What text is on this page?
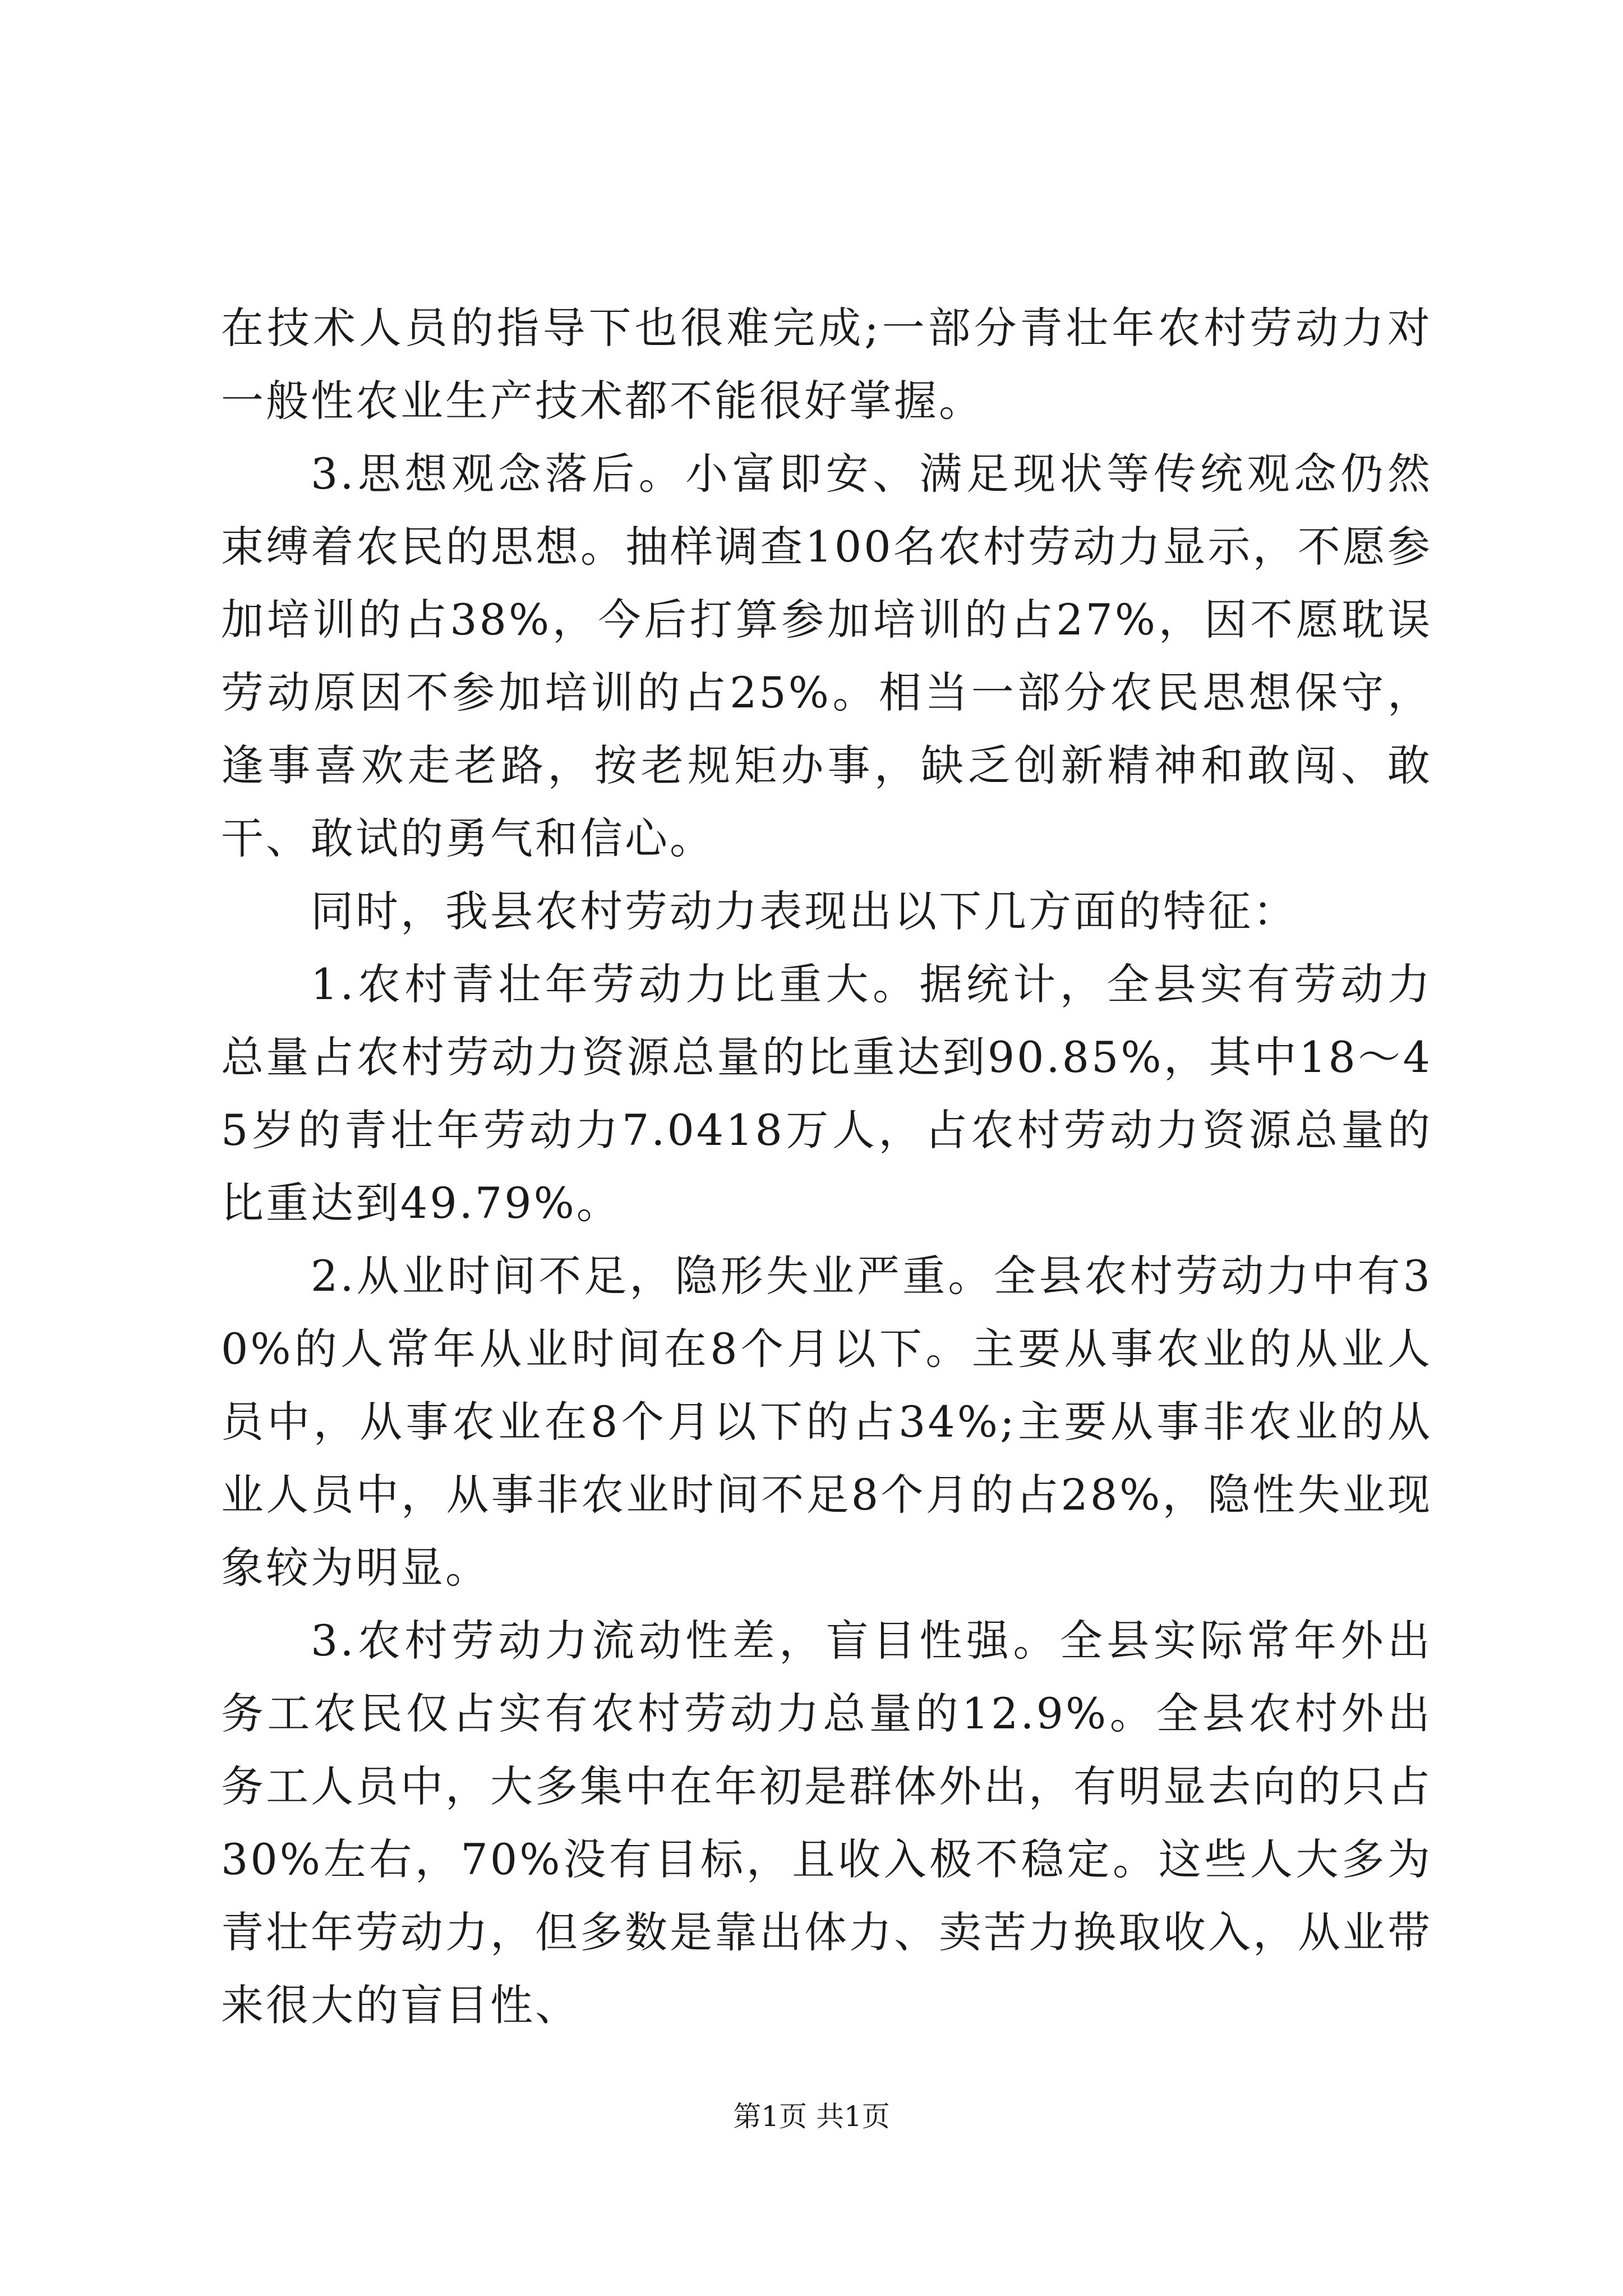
在技术人员的指导下也很难完成;一部分青壮年农村劳动力对一般性农业生产技术都不能很好掌握。

3.思想观念落后。小富即安、满足现状等传统观念仍然束缚着农民的思想。抽样调查100名农村劳动力显示，不愿参加培训的占38%，今后打算参加培训的占27%，因不愿耽误劳动原因不参加培训的占25%。相当一部分农民思想保守，逢事喜欢走老路，按老规矩办事，缺乏创新精神和敢闯、敢干、敢试的勇气和信心。

同时，我县农村劳动力表现出以下几方面的特征：

1.农村青壮年劳动力比重大。据统计，全县实有劳动力总量占农村劳动力资源总量的比重达到90.85%，其中18～45岁的青壮年劳动力7.0418万人，占农村劳动力资源总量的比重达到49.79%。

2.从业时间不足，隐形失业严重。全县农村劳动力中有30%的人常年从业时间在8个月以下。主要从事农业的从业人员中，从事农业在8个月以下的占34%;主要从事非农业的从业人员中，从事非农业时间不足8个月的占28%，隐性失业现象较为明显。

3.农村劳动力流动性差，盲目性强。全县实际常年外出务工农民仅占实有农村劳动力总量的12.9%。全县农村外出务工人员中，大多集中在年初是群体外出，有明显去向的只占30%左右，70%没有目标，且收入极不稳定。这些人大多为青壮年劳动力，但多数是靠出体力、卖苦力换取收入，从业带来很大的盲目性、

第1页 共1页
